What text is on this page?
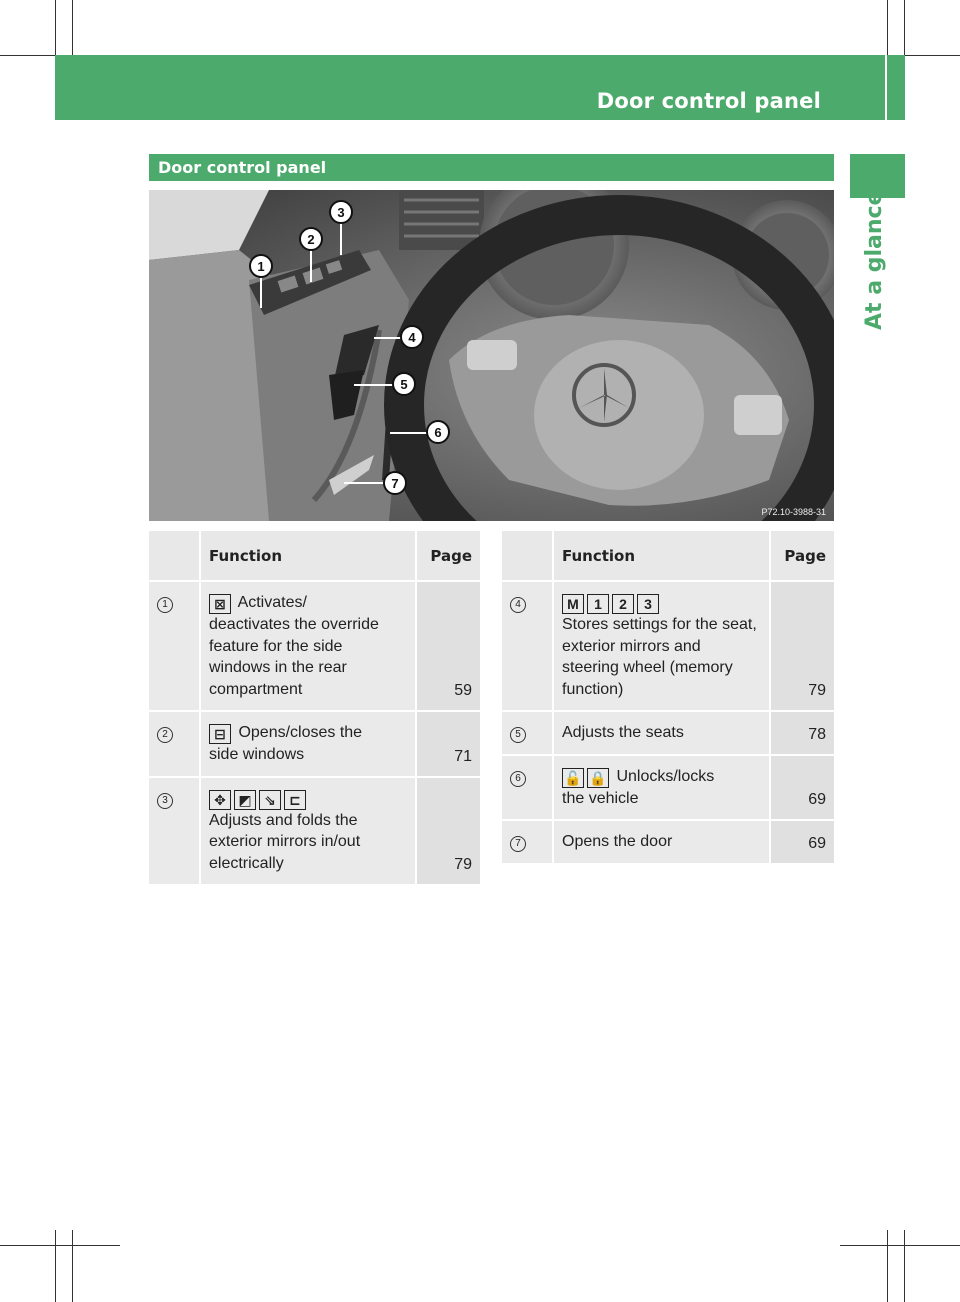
Door control panel	37
At a glance
Door control panel
1
2
3
4
5
6
7
P72.10-3988-31
	Function	Page
1	⊠ Activates/
deactivates the override feature for the side windows in the rear compartment	59
2	⊟ Opens/closes the
side windows	71
3	✥ ◩ ⇘ ⊏
Adjusts and folds the exterior mirrors in/out electrically	79
	Function	Page
4	M 1 2 3
Stores settings for the seat, exterior mirrors and steering wheel (memory function)	79
5	Adjusts the seats	78
6	🔓 🔒 Unlocks/locks
the vehicle	69
7	Opens the door	69
